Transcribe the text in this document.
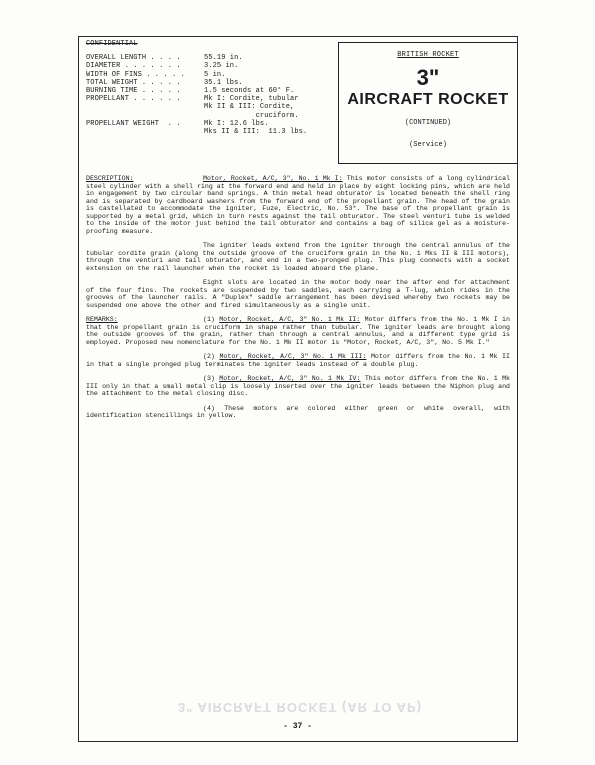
CONFIDENTIAL
OVERALL LENGTH . . . .	55.19 in.
DIAMETER . . . . . . .	3.25 in.
WIDTH OF FINS . . . . .	5 in.
TOTAL WEIGHT . . . . .	35.1 lbs.
BURNING TIME . . . . .	1.5 seconds at 60° F.
PROPELLANT . . . . . .	Mk I: Cordite, tubular
Mk II & III: Cordite,
cruciform.
PROPELLANT WEIGHT  . .	Mk I: 12.6 lbs.
Mks II & III:  11.3 lbs.
BRITISH ROCKET
3"
AIRCRAFT ROCKET
(CONTINUED)
(Service)

DESCRIPTION:	Motor, Rocket, A/C, 3", No. 1 Mk I: This motor consists of a long cylindrical steel cylinder with a shell ring at the forward end and held in place by eight locking pins, which are held in engagement by two circular band springs. A thin metal head obturator is located beneath the shell ring and is separated by cardboard washers from the forward end of the propellant grain. The head of the grain is castellated to accommodate the igniter, Fuze, Electric, No. 53*. The base of the propellant grain is supported by a metal grid, which in turn rests against the tail obturator. The steel venturi tube is welded to the inside of the motor just behind the tail obturator and contains a bag of silica gel as a moisture-proofing measure.

The igniter leads extend from the igniter through the central annulus of the tubular cordite grain (along the outside groove of the cruciform grain in the No. 1 Mks II & III motors), through the venturi and tail obturator, and end in a two-pronged plug. This plug connects with a socket extension on the rail launcher when the rocket is loaded aboard the plane.

Eight slots are located in the motor body near the after end for attachment of the four fins. The rockets are suspended by two saddles, each carrying a T-lug, which rides in the grooves of the launcher rails. A "Duplex" saddle arrangement has been devised whereby two rockets may be suspended one above the other and fired simultaneously as a single unit.

REMARKS:	(1) Motor, Rocket, A/C, 3" No. 1 Mk II: Motor differs from the No. 1 Mk I in that the propellant grain is cruciform in shape rather than tubular. The igniter leads are brought along the outside grooves of the grain, rather than through a central annulus, and a different type grid is employed. Proposed new nomenclature for the No. 1 Mk II motor is "Motor, Rocket, A/C, 3", No. 5 Mk I."

(2) Motor, Rocket, A/C, 3" No. 1 Mk III: Motor differs from the No. 1 Mk II in that a single pronged plug terminates the igniter leads instead of a double plug.

(3) Motor, Rocket, A/C, 3" No. 1 Mk IV: This motor differs from the No. 1 Mk III only in that a small metal clip is loosely inserted over the igniter leads between the Niphon plug and the attachment to the metal closing disc.

(4) These motors are colored either green or white overall, with identification stencillings in yellow.

3" AIRCRAFT ROCKET (AR TO AP)
- 37 -
